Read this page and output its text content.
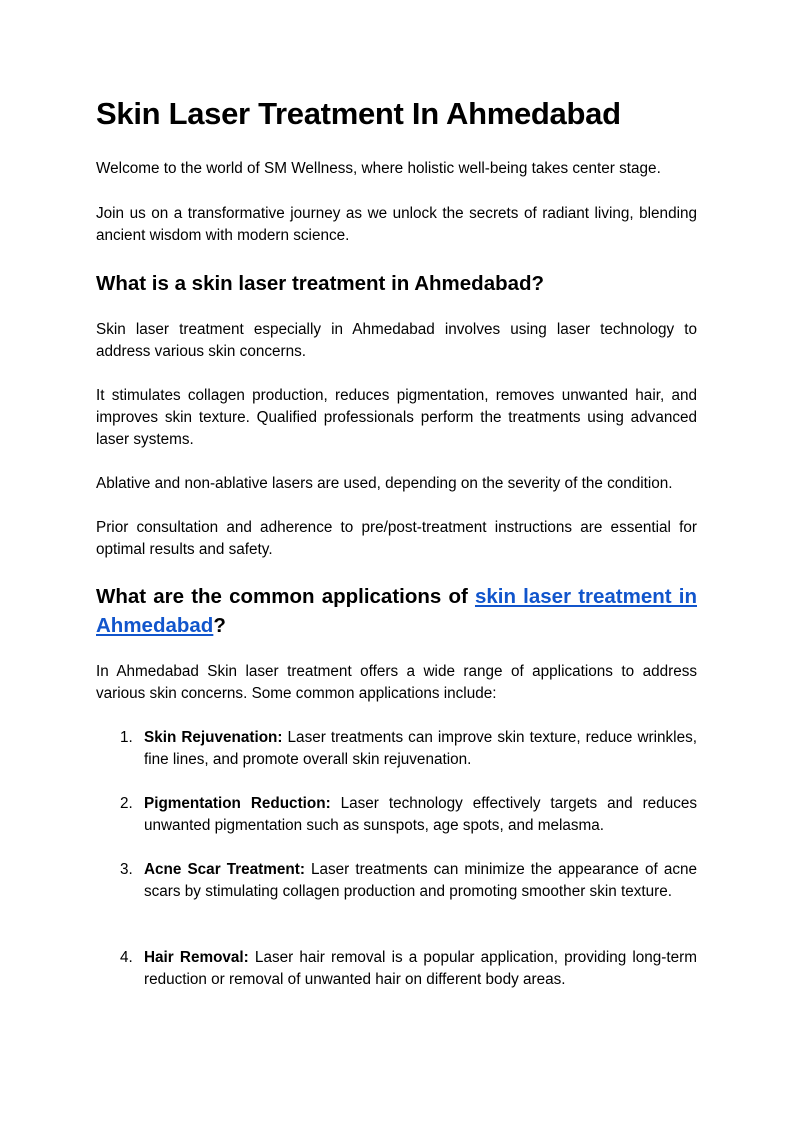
Skin Laser Treatment In Ahmedabad

Welcome to the world of SM Wellness, where holistic well-being takes center stage.

Join us on a transformative journey as we unlock the secrets of radiant living, blending ancient wisdom with modern science.

What is a skin laser treatment in Ahmedabad?

Skin laser treatment especially in Ahmedabad involves using laser technology to address various skin concerns.

It stimulates collagen production, reduces pigmentation, removes unwanted hair, and improves skin texture. Qualified professionals perform the treatments using advanced laser systems.

Ablative and non-ablative lasers are used, depending on the severity of the condition.

Prior consultation and adherence to pre/post-treatment instructions are essential for optimal results and safety.

What are the common applications of skin laser treatment in Ahmedabad?

In Ahmedabad Skin laser treatment offers a wide range of applications to address various skin concerns. Some common applications include:

1. Skin Rejuvenation: Laser treatments can improve skin texture, reduce wrinkles, fine lines, and promote overall skin rejuvenation.

2. Pigmentation Reduction: Laser technology effectively targets and reduces unwanted pigmentation such as sunspots, age spots, and melasma.

3. Acne Scar Treatment: Laser treatments can minimize the appearance of acne scars by stimulating collagen production and promoting smoother skin texture.

4. Hair Removal: Laser hair removal is a popular application, providing long-term reduction or removal of unwanted hair on different body areas.
